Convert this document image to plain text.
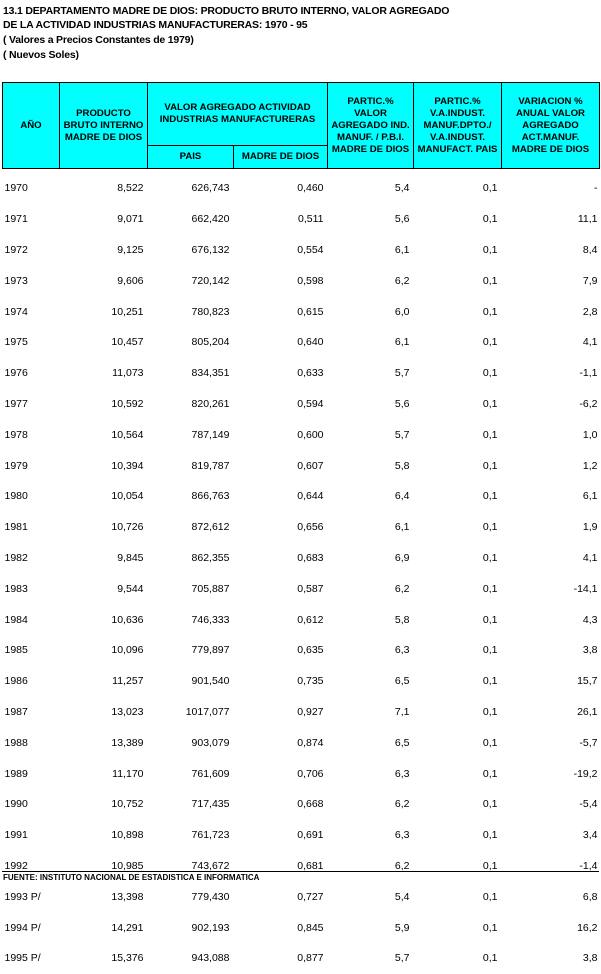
13.1 DEPARTAMENTO MADRE DE DIOS: PRODUCTO BRUTO INTERNO, VALOR AGREGADO
DE LA ACTIVIDAD INDUSTRIAS MANUFACTURERAS: 1970 - 95
( Valores a Precios Constantes de 1979)
( Nuevos Soles)
AÑO	PRODUCTO BRUTO INTERNO MADRE DE DIOS	VALOR AGREGADO ACTIVIDAD INDUSTRIAS MANUFACTURERAS		PARTIC.% VALOR AGREGADO IND. MANUF. / P.B.I. MADRE DE DIOS	PARTIC.% V.A.INDUST. MANUF.DPTO./ V.A.INDUST. MANUFACT. PAIS	VARIACION % ANUAL VALOR AGREGADO ACT.MANUF. MADRE DE DIOS
		PAIS	MADRE DE DIOS			

1970	8,522	626,743	0,460	5,4	0,1	-
1971	9,071	662,420	0,511	5,6	0,1	11,1
1972	9,125	676,132	0,554	6,1	0,1	8,4
1973	9,606	720,142	0,598	6,2	0,1	7,9
1974	10,251	780,823	0,615	6,0	0,1	2,8
1975	10,457	805,204	0,640	6,1	0,1	4,1
1976	11,073	834,351	0,633	5,7	0,1	-1,1
1977	10,592	820,261	0,594	5,6	0,1	-6,2
1978	10,564	787,149	0,600	5,7	0,1	1,0
1979	10,394	819,787	0,607	5,8	0,1	1,2
1980	10,054	866,763	0,644	6,4	0,1	6,1
1981	10,726	872,612	0,656	6,1	0,1	1,9
1982	9,845	862,355	0,683	6,9	0,1	4,1
1983	9,544	705,887	0,587	6,2	0,1	-14,1
1984	10,636	746,333	0,612	5,8	0,1	4,3
1985	10,096	779,897	0,635	6,3	0,1	3,8
1986	11,257	901,540	0,735	6,5	0,1	15,7
1987	13,023	1017,077	0,927	7,1	0,1	26,1
1988	13,389	903,079	0,874	6,5	0,1	-5,7
1989	11,170	761,609	0,706	6,3	0,1	-19,2
1990	10,752	717,435	0,668	6,2	0,1	-5,4
1991	10,898	761,723	0,691	6,3	0,1	3,4
1992	10,985	743,672	0,681	6,2	0,1	-1,4
1993 P/	13,398	779,430	0,727	5,4	0,1	6,8
1994 P/	14,291	902,193	0,845	5,9	0,1	16,2
1995 P/	15,376	943,088	0,877	5,7	0,1	3,8
FUENTE: INSTITUTO NACIONAL DE ESTADISTICA E INFORMATICA
